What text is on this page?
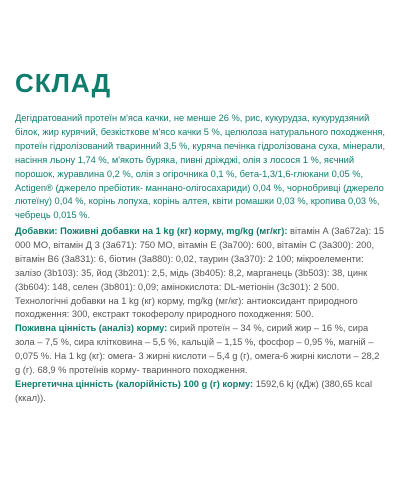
СКЛАД

Дегідратований протеїн м'яса качки, не менше 26 %, рис, кукурудза, кукурудзяний білок, жир курячий, безкісткове м'ясо качки 5 %, целюлоза натурального походження, протеїн гідролізований тваринний 3,5 %, куряча печінка гідролізована суха, мінерали, насіння льону 1,74 %, м'якоть буряка, пивні дріжджі, олія з лосося 1 %, яєчний порошок, журавлина 0,2 %, олія з огірочника 0,1 %, бета-1,3/1,6-глюкани 0,05 %, Actigen® (джерело пребіотик- маннано-олігосахариди) 0,04 %, чорнобривці (джерело лютеїну) 0,04 %, корінь лопуха, корінь алтея, квіти ромашки 0,03 %, кропива 0,03 %, чебрець 0,015 %.

Добавки: Поживні добавки на 1 kg (кг) корму, mg/kg (мг/кг): вітамін А (3a672a): 15 000 МО, вітамін Д 3 (3a671): 750 МО, вітамін Е (3a700): 600, вітамін С (3a300): 200, вітамін В6 (3a831): 6, біотин (3a880): 0,02, таурин (3a370): 2 100; мікроелементи: залізо (3b103): 35, йод (3b201): 2,5, мідь (3b405): 8,2, марганець (3b503): 38, цинк (3b604): 148, селен (3b801): 0,09; амінокислота: DL-метіонін (3c301): 2 500. Технологічні добавки на 1 kg (кг) корму, mg/kg (мг/кг): антиоксидант природного походження: 300, екстракт токоферолу природного походження: 500.
Поживна цінність (аналіз) корму: сирий протеїн – 34 %, сирий жир – 16 %, сира зола – 7,5 %, сира клітковина – 5,5 %, кальцій – 1,15 %, фосфор – 0,95 %, магній – 0,075 %. На 1 kg (кг): омега- 3 жирні кислоти – 5,4 g (г), омега-6 жирні кислоти – 28,2 g (г). 68,9 % протеїнів корму- тваринного походження.
Енергетична цінність (калорійність) 100 g (г) корму: 1592,6 kj (кДж) (380,65 kcal (ккал)).
